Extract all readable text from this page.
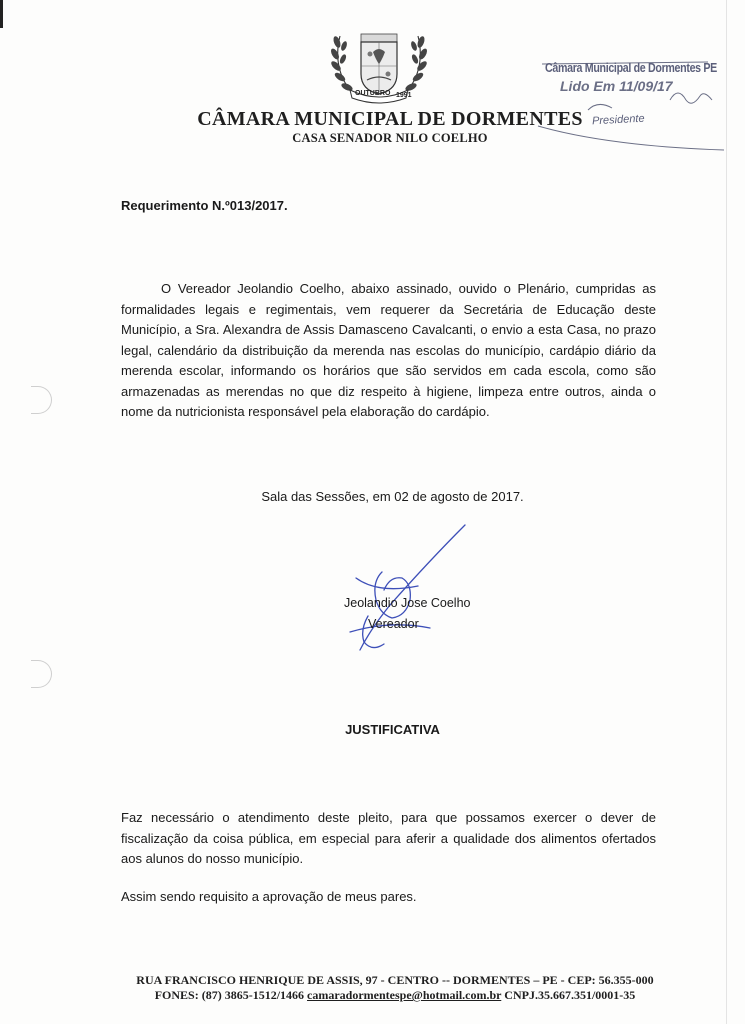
OUTUBRO 1991
CÂMARA MUNICIPAL DE DORMENTES
CASA SENADOR NILO COELHO
Câmara Municipal de Dormentes PE
Lido Em 11/09/17
Presidente
Requerimento N.º013/2017.
O Vereador Jeolandio Coelho, abaixo assinado, ouvido o Plenário, cumpridas as formalidades legais e regimentais, vem requerer da Secretária de Educação deste Município, a Sra. Alexandra de Assis Damasceno Cavalcanti, o envio a esta Casa, no prazo legal, calendário da distribuição da merenda nas escolas do município, cardápio diário da merenda escolar, informando os horários que são servidos em cada escola, como são armazenadas as merendas no que diz respeito à higiene, limpeza entre outros, ainda o nome da nutricionista responsável pela elaboração do cardápio.
Sala das Sessões, em 02 de agosto de 2017.
Jeolandio Jose Coelho
Vereador
JUSTIFICATIVA
Faz necessário o atendimento deste pleito, para que possamos exercer o dever de fiscalização da coisa pública, em especial para aferir a qualidade dos alimentos ofertados aos alunos do nosso município.
Assim sendo requisito a aprovação de meus pares.
RUA FRANCISCO HENRIQUE DE ASSIS, 97 - CENTRO -- DORMENTES – PE - CEP: 56.355-000
FONES: (87) 3865-1512/1466 camaradormentespe@hotmail.com.br CNPJ.35.667.351/0001-35
